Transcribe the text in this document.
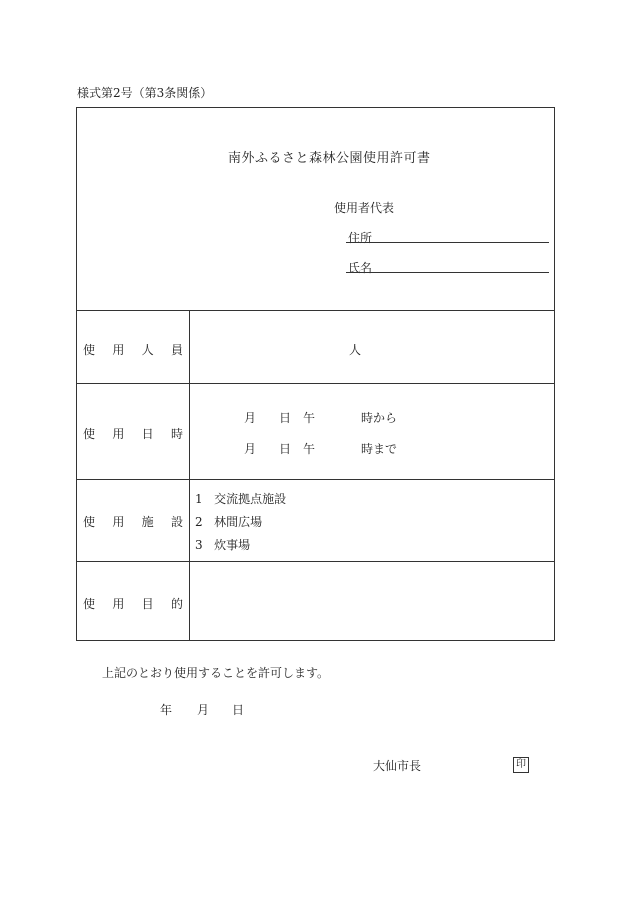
様式第2号（第3条関係）
南外ふるさと森林公園使用許可書
使用者代表
住所
氏名
使 用 人 員	人
使 用 日 時
月 日 午	時から
月 日 午	時まで
使 用 施 設
1 交流拠点施設
2 林間広場
3 炊事場
使 用 目 的
上記のとおり使用することを許可します。
年 月 日
大仙市長	印
